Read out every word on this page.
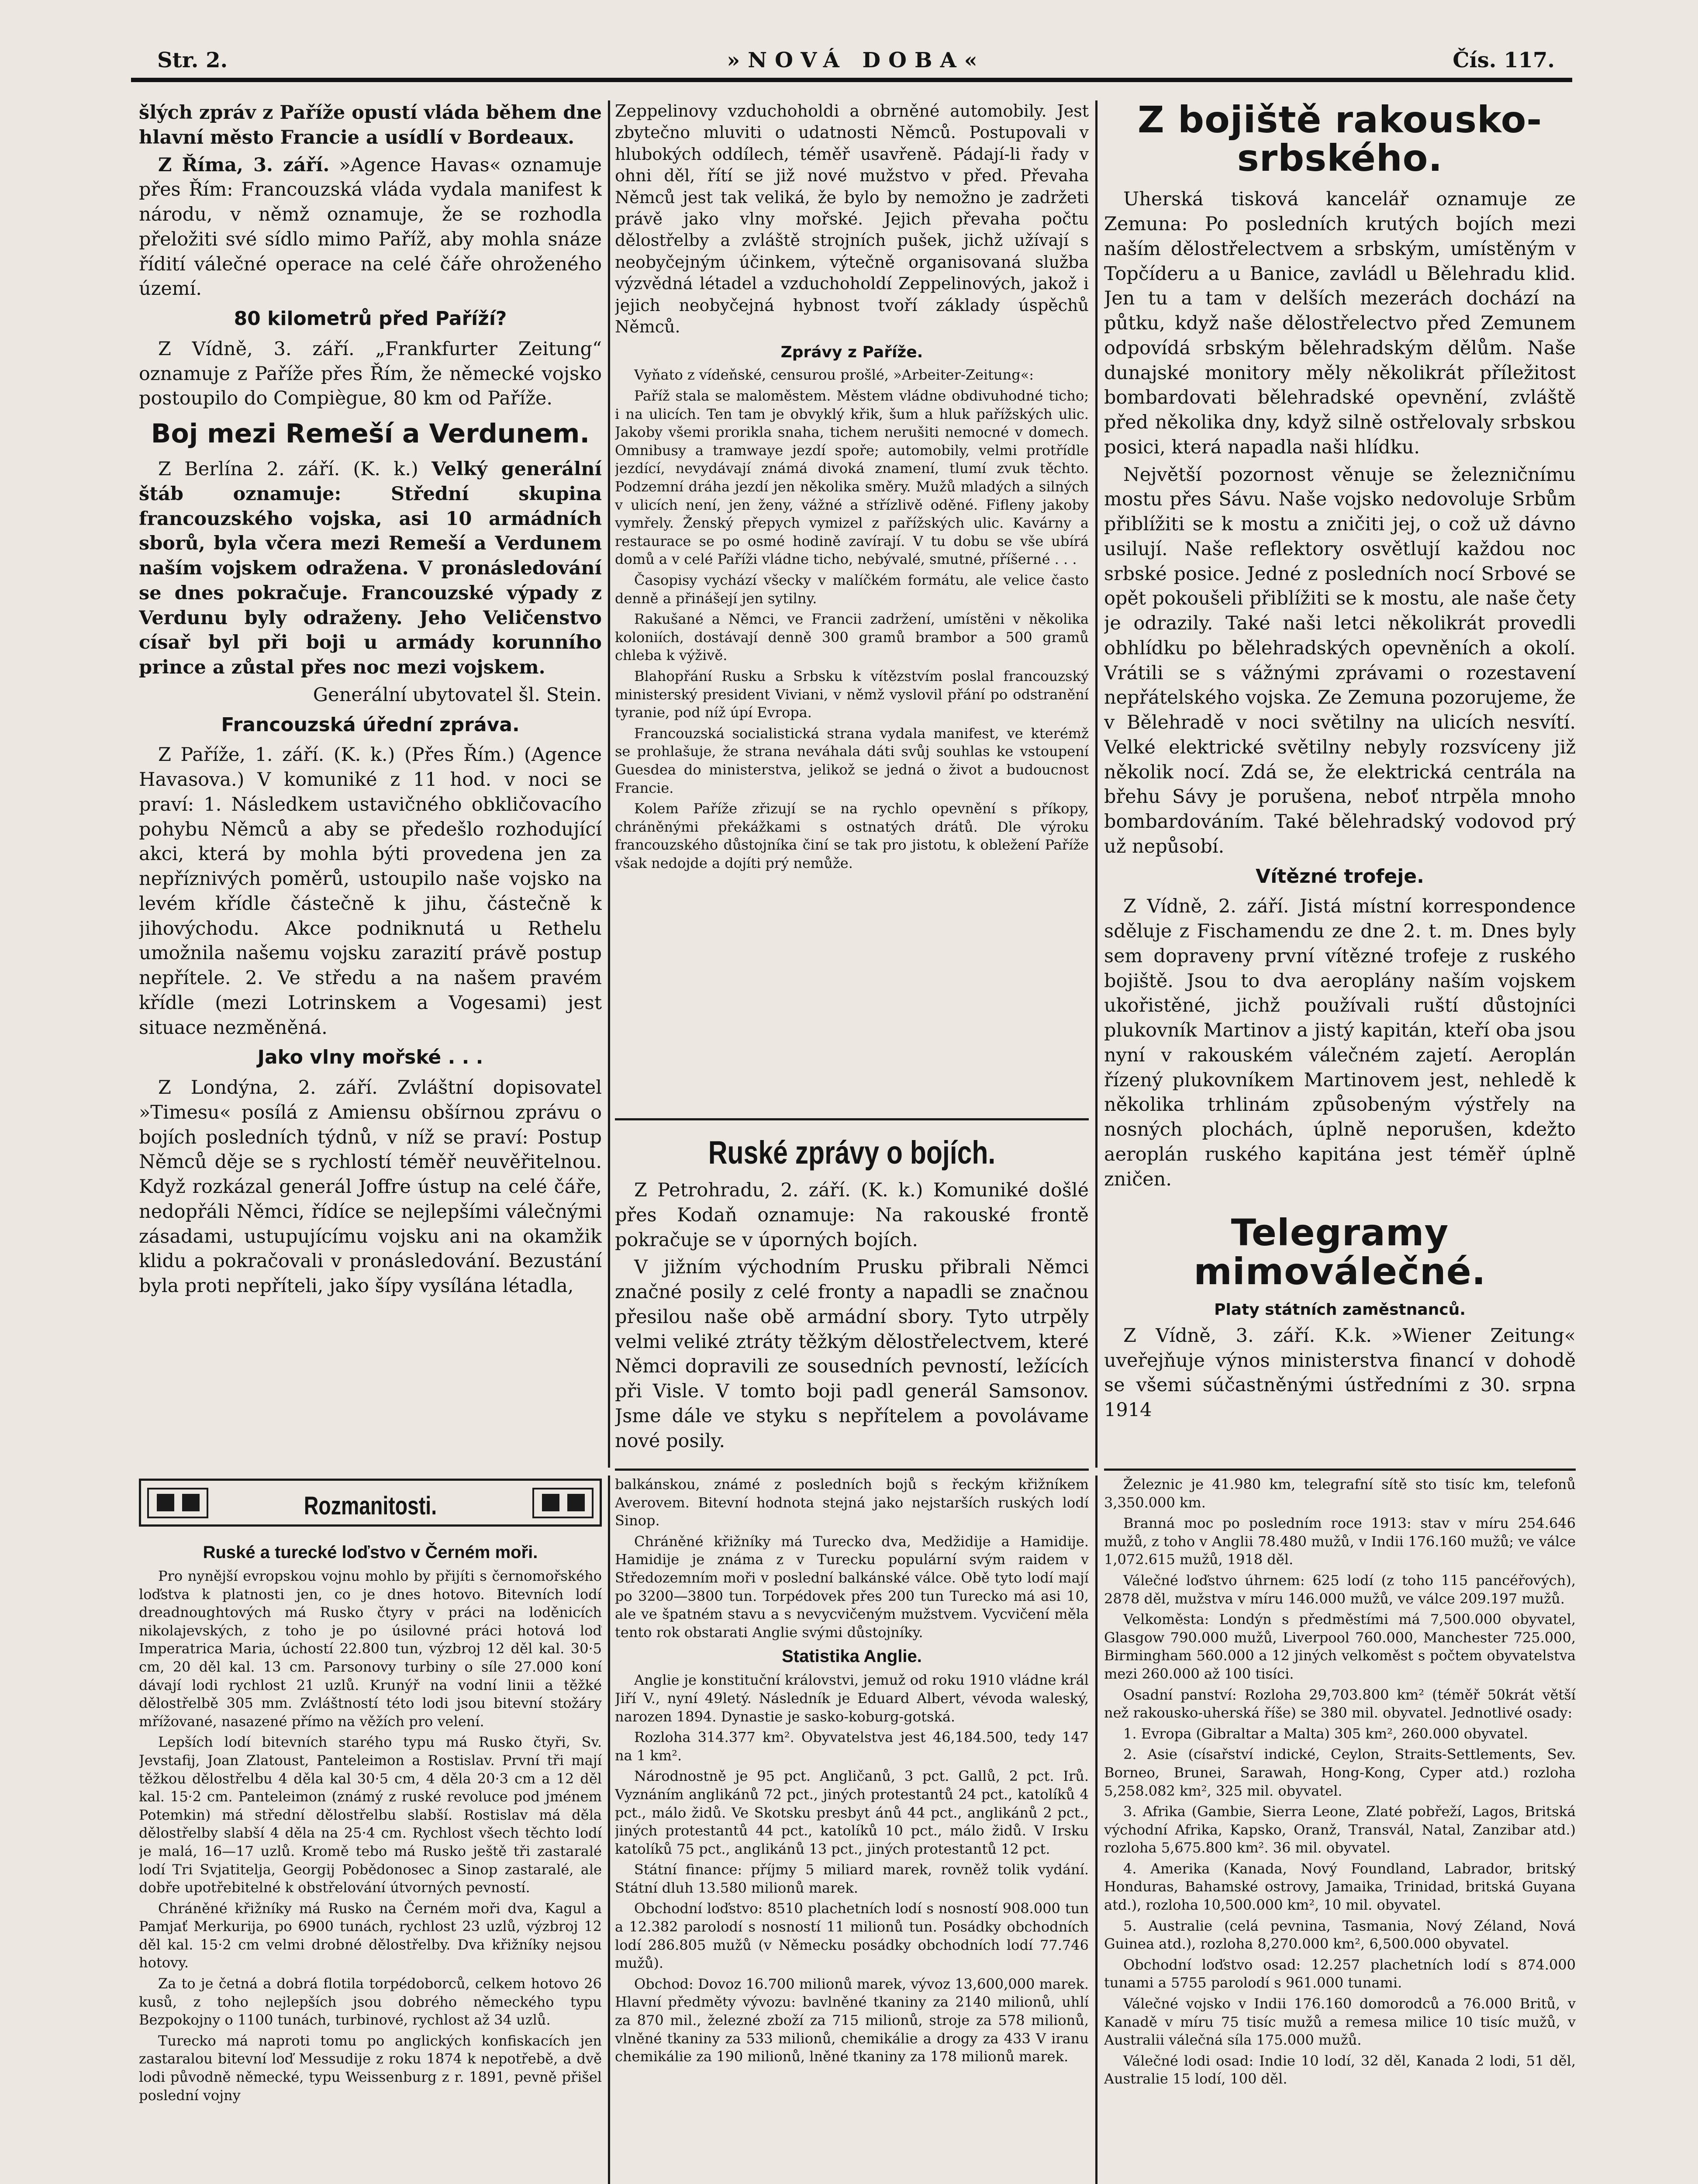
Str. 2.	»NOVÁ DOBA«	Čís. 117.

šlých zpráv z Paříže opustí vláda během dne hlavní město Francie a usídlí v Bordeaux.

Z Říma, 3. září. »Agence Havas« oznamuje přes Řím: Francouzská vláda vydala manifest k národu, v němž oznamuje, že se rozhodla přeložiti své sídlo mimo Paříž, aby mohla snáze řídití válečné operace na celé čáře ohroženého území.

80 kilometrů před Paříží?

Z Vídně, 3. září. „Frankfurter Zeitung“ oznamuje z Paříže přes Řím, že německé vojsko postoupilo do Compiègue, 80 km od Paříže.

Boj mezi Remeší a Verdunem.

Z Berlína 2. září. (K. k.) Velký generální štáb oznamuje: Střední skupina francouzského vojska, asi 10 armádních sborů, byla včera mezi Remeší a Verdunem naším vojskem odražena. V pronásledování se dnes pokračuje. Francouzské výpady z Verdunu byly odraženy. Jeho Veličenstvo císař byl při boji u armády korunního prince a zůstal přes noc mezi vojskem.

Generální ubytovatel šl. Stein.

Francouzská úřední zpráva.

Z Paříže, 1. září. (K. k.) (Přes Řím.) (Agence Havasova.) V komuniké z 11 hod. v noci se praví: 1. Následkem ustavičného obkličovacího pohybu Němců a aby se předešlo rozhodující akci, která by mohla býti provedena jen za nepříznivých poměrů, ustoupilo naše vojsko na levém křídle částečně k jihu, částečně k jihovýchodu. Akce podniknutá u Rethelu umožnila našemu vojsku zarazití právě postup nepřítele. 2. Ve středu a na našem pravém křídle (mezi Lotrinskem a Vogesami) jest situace nezměněná.

Jako vlny mořské . . .

Z Londýna, 2. září. Zvláštní dopisovatel »Timesu« posílá z Amiensu obšírnou zprávu o bojích posledních týdnů, v níž se praví: Postup Němců děje se s rychlostí téměř neuvěřitelnou. Když rozkázal generál Joffre ústup na celé čáře, nedopřáli Němci, řídíce se nejlepšími válečnými zásadami, ustupujícímu vojsku ani na okamžik klidu a pokračovali v pronásledování. Bezustání byla proti nepříteli, jako šípy vysílána létadla,

Zeppelinovy vzduchoholdi a obrněné automobily. Jest zbytečno mluviti o udatnosti Němců. Postupovali v hlubokých oddílech, téměř usavřeně. Pádají-li řady v ohni děl, řítí se již nové mužstvo v před. Převaha Němců jest tak veliká, že bylo by nemožno je zadržeti právě jako vlny mořské. Jejich převaha počtu dělostřelby a zvláště strojních pušek, jichž užívají s neobyčejným účinkem, výtečně organisovaná služba výzvědná létadel a vzduchoholdí Zeppelinových, jakož i jejich neobyčejná hybnost tvoří základy úspěchů Němců.

Zprávy z Paříže.

Vyňato z vídeňské, censurou prošlé, »Arbeiter-Zeitung«:

Paříž stala se maloměstem. Městem vládne obdivuhodné ticho; i na ulicích. Ten tam je obvyklý křik, šum a hluk pařížských ulic. Jakoby všemi prorikla snaha, tichem nerušiti nemocné v domech. Omnibusy a tramwaye jezdí spoře; automobily, velmi protřídle jezdící, nevydávají známá divoká znamení, tlumí zvuk těchto. Podzemní dráha jezdí jen několika směry. Mužů mladých a silných v ulicích není, jen ženy, vážné a střízlivě oděné. Fifleny jakoby vymřely. Ženský přepych vymizel z pařížských ulic. Kavárny a restaurace se po osmé hodině zavírají. V tu dobu se vše ubírá domů a v celé Paříži vládne ticho, nebývalé, smutné, příšerné . . .

Časopisy vychází všecky v malíčkém formátu, ale velice často denně a přinášejí jen sytilny.

Rakušané a Němci, ve Francii zadržení, umístěni v několika koloniích, dostávají denně 300 gramů brambor a 500 gramů chleba k výživě.

Blahopřání Rusku a Srbsku k vítězstvím poslal francouzský ministerský president Viviani, v němž vyslovil přání po odstranění tyranie, pod níž úpí Evropa.

Francouzská socialistická strana vydala manifest, ve kterémž se prohlašuje, že strana neváhala dáti svůj souhlas ke vstoupení Guesdea do ministerstva, jelikož se jedná o život a budoucnost Francie.

Kolem Paříže zřizují se na rychlo opevnění s příkopy, chráněnými překážkami s ostnatých drátů. Dle výroku francouzského důstojníka činí se tak pro jistotu, k obležení Paříže však nedojde a dojíti prý nemůže.

Ruské zprávy o bojích.

Z Petrohradu, 2. září. (K. k.) Komuniké došlé přes Kodaň oznamuje: Na rakouské frontě pokračuje se v úporných bojích.

V jižním východním Prusku přibrali Němci značné posily z celé fronty a napadli se značnou přesilou naše obě armádní sbory. Tyto utrpěly velmi veliké ztráty těžkým dělostřelectvem, které Němci dopravili ze sousedních pevností, ležících při Visle. V tomto boji padl generál Samsonov. Jsme dále ve styku s nepřítelem a povolávame nové posily.

Z bojiště rakousko-srbského.

Uherská tisková kancelář oznamuje ze Zemuna: Po posledních krutých bojích mezi naším dělostřelectvem a srbským, umístěným v Topčíderu a u Banice, zavládl u Bělehradu klid. Jen tu a tam v delších mezerách dochází na půtku, když naše dělostřelectvo před Zemunem odpovídá srbským bělehradským dělům. Naše dunajské monitory měly několikrát příležitost bombardovati bělehradské opevnění, zvláště před několika dny, když silně ostřelovaly srbskou posici, která napadla naši hlídku.

Největší pozornost věnuje se železničnímu mostu přes Sávu. Naše vojsko nedovoluje Srbům přiblížiti se k mostu a zničiti jej, o což už dávno usilují. Naše reflektory osvětlují každou noc srbské posice. Jedné z posledních nocí Srbové se opět pokoušeli přiblížiti se k mostu, ale naše čety je odrazily. Také naši letci několikrát provedli obhlídku po bělehradských opevněních a okolí. Vrátili se s vážnými zprávami o rozestavení nepřátelského vojska. Ze Zemuna pozorujeme, že v Bělehradě v noci světilny na ulicích nesvítí. Velké elektrické světilny nebyly rozsvíceny již několik nocí. Zdá se, že elektrická centrála na břehu Sávy je porušena, neboť ntrpěla mnoho bombardováním. Také bělehradský vodovod prý už nepůsobí.

Vítězné trofeje.

Z Vídně, 2. září. Jistá místní korrespondence sděluje z Fischamendu ze dne 2. t. m. Dnes byly sem dopraveny první vítězné trofeje z ruského bojiště. Jsou to dva aeroplány naším vojskem ukořistěné, jichž používali ruští důstojníci plukovník Martinov a jistý kapitán, kteří oba jsou nyní v rakouském válečném zajetí. Aeroplán řízený plukovníkem Martinovem jest, nehledě k několika trhlinám způsobeným výstřely na nosných plochách, úplně neporušen, kdežto aeroplán ruského kapitána jest téměř úplně zničen.

Telegramy mimoválečné.
Platy státních zaměstnanců.

Z Vídně, 3. září. K.k. »Wiener Zeitung« uveřejňuje výnos ministerstva financí v dohodě se všemi súčastněnými ústředními z 30. srpna 1914

Rozmanitosti.
Ruské a turecké loďstvo v Černém moři.

Pro nynější evropskou vojnu mohlo by přijíti s černomořského loďstva k platnosti jen, co je dnes hotovo. Bitevních lodí dreadnoughtových má Rusko čtyry v práci na loděnicích nikolajevských, z toho je po úsilovné práci hotová loď Imperatrica Maria, úchostí 22.800 tun, výzbroj 12 děl kal. 30·5 cm, 20 děl kal. 13 cm. Parsonovy turbiny o síle 27.000 koní dávají lodi rychlost 21 uzlů. Krunýř na vodní linii a těžké dělostřelbě 305 mm. Zvláštností této lodi jsou bitevní stožáry mřížované, nasazené přímo na věžích pro velení.

Lepších lodí bitevních starého typu má Rusko čtyři, Sv. Jevstafij, Joan Zlatoust, Panteleimon a Rostislav. První tři mají těžkou dělostřelbu 4 děla kal 30·5 cm, 4 děla 20·3 cm a 12 děl kal. 15·2 cm. Panteleimon (známý z ruské revoluce pod jménem Potemkin) má střední dělostřelbu slabší. Rostislav má děla dělostřelby slabší 4 děla na 25·4 cm. Rychlost všech těchto lodí je malá, 16—17 uzlů. Kromě tebo má Rusko ještě tři zastaralé lodí Tri Svjatitelja, Georgij Pobědonosec a Sinop zastaralé, ale dobře upotřebitelné k obstřelování útvorných pevností.

Chráněné křižníky má Rusko na Černém moři dva, Kagul a Pamjať Merkurija, po 6900 tunách, rychlost 23 uzlů, výzbroj 12 děl kal. 15·2 cm velmi drobné dělostřelby. Dva křižníky nejsou hotovy.

Za to je četná a dobrá flotila torpédoborců, celkem hotovo 26 kusů, z toho nejlepších jsou dobrého německého typu Bezpokojny o 1100 tunách, turbinové, rychlost až 34 uzlů.

Turecko má naproti tomu po anglických konfiskacích jen zastaralou bitevní loď Messudije z roku 1874 k nepotřebě, a dvě lodi původně německé, typu Weissenburg z r. 1891, pevně přišel poslední vojny

balkánskou, známé z posledních bojů s řeckým křižníkem Averovem. Bitevní hodnota stejná jako nejstarších ruských lodí Sinop.

Chráněné křižníky má Turecko dva, Medžidije a Hamidije. Hamidije je známa z v Turecku populární svým raidem v Středozemním moři v poslední balkánské válce. Obě tyto lodí mají po 3200—3800 tun. Torpédovek přes 200 tun Turecko má asi 10, ale ve špatném stavu a s nevycvičeným mužstvem. Vycvičení měla tento rok obstarati Anglie svými důstojníky.

Statistika Anglie.

Anglie je konstituční královstvi, jemuž od roku 1910 vládne král Jiří V., nyní 49letý. Následník je Eduard Albert, vévoda waleský, narozen 1894. Dynastie je sasko-koburg-gotská.

Rozloha 314.377 km². Obyvatelstva jest 46,184.500, tedy 147 na 1 km².

Národnostně je 95 pct. Angličanů, 3 pct. Gallů, 2 pct. Irů. Vyznáním anglikánů 72 pct., jiných protestantů 24 pct., katolíků 4 pct., málo židů. Ve Skotsku presbyt ánů 44 pct., anglikánů 2 pct., jiných protestantů 44 pct., katolíků 10 pct., málo židů. V Irsku katolíků 75 pct., anglikánů 13 pct., jiných protestantů 12 pct.

Státní finance: příjmy 5 miliard marek, rovněž tolik vydání. Státní dluh 13.580 milionů marek.

Obchodní loďstvo: 8510 plachetních lodí s nosností 908.000 tun a 12.382 parolodí s nosností 11 milionů tun. Posádky obchodních lodí 286.805 mužů (v Německu posádky obchodních lodí 77.746 mužů).

Obchod: Dovoz 16.700 milionů marek, vývoz 13,600,000 marek. Hlavní předměty vývozu: bavlněné tkaniny za 2140 milionů, uhlí za 870 mil., železné zboží za 715 milionů, stroje za 578 milionů, vlněné tkaniny za 533 milionů, chemikálie a drogy za 433 V iranu chemikálie za 190 milionů, lněné tkaniny za 178 milionů marek.

Železnic je 41.980 km, telegrafní sítě sto tisíc km, telefonů 3,350.000 km.

Branná moc po posledním roce 1913: stav v míru 254.646 mužů, z toho v Anglii 78.480 mužů, v Indii 176.160 mužů; ve válce 1,072.615 mužů, 1918 děl.

Válečné loďstvo úhrnem: 625 lodí (z toho 115 pancéřových), 2878 děl, mužstva v míru 146.000 mužů, ve válce 209.197 mužů.

Velkoměsta: Londýn s předměstími má 7,500.000 obyvatel, Glasgow 790.000 mužů, Liverpool 760.000, Manchester 725.000, Birmingham 560.000 a 12 jiných velkoměst s počtem obyvatelstva mezi 260.000 až 100 tisíci.

Osadní panství: Rozloha 29,703.800 km² (téměř 50krát větší než rakousko-uherská říše) se 380 mil. obyvatel. Jednotlivé osady:

1. Evropa (Gibraltar a Malta) 305 km², 260.000 obyvatel.

2. Asie (císařství indické, Ceylon, Straits-Settlements, Sev. Borneo, Brunei, Sarawah, Hong-Kong, Cyper atd.) rozloha 5,258.082 km², 325 mil. obyvatel.

3. Afrika (Gambie, Sierra Leone, Zlaté pobřeží, Lagos, Britská východní Afrika, Kapsko, Oranž, Transvál, Natal, Zanzibar atd.) rozloha 5,675.800 km². 36 mil. obyvatel.

4. Amerika (Kanada, Nový Foundland, Labrador, britský Honduras, Bahamské ostrovy, Jamaika, Trinidad, britská Guyana atd.), rozloha 10,500.000 km², 10 mil. obyvatel.

5. Australie (celá pevnina, Tasmania, Nový Zéland, Nová Guinea atd.), rozloha 8,270.000 km², 6,500.000 obyvatel.

Obchodní loďstvo osad: 12.257 plachetních lodí s 874.000 tunami a 5755 parolodí s 961.000 tunami.

Válečné vojsko v Indii 176.160 domorodců a 76.000 Britů, v Kanadě v míru 75 tisíc mužů a remesa milice 10 tisíc mužů, v Australii válečná síla 175.000 mužů.

Válečné lodi osad: Indie 10 lodí, 32 děl, Kanada 2 lodi, 51 děl, Australie 15 lodí, 100 děl.
